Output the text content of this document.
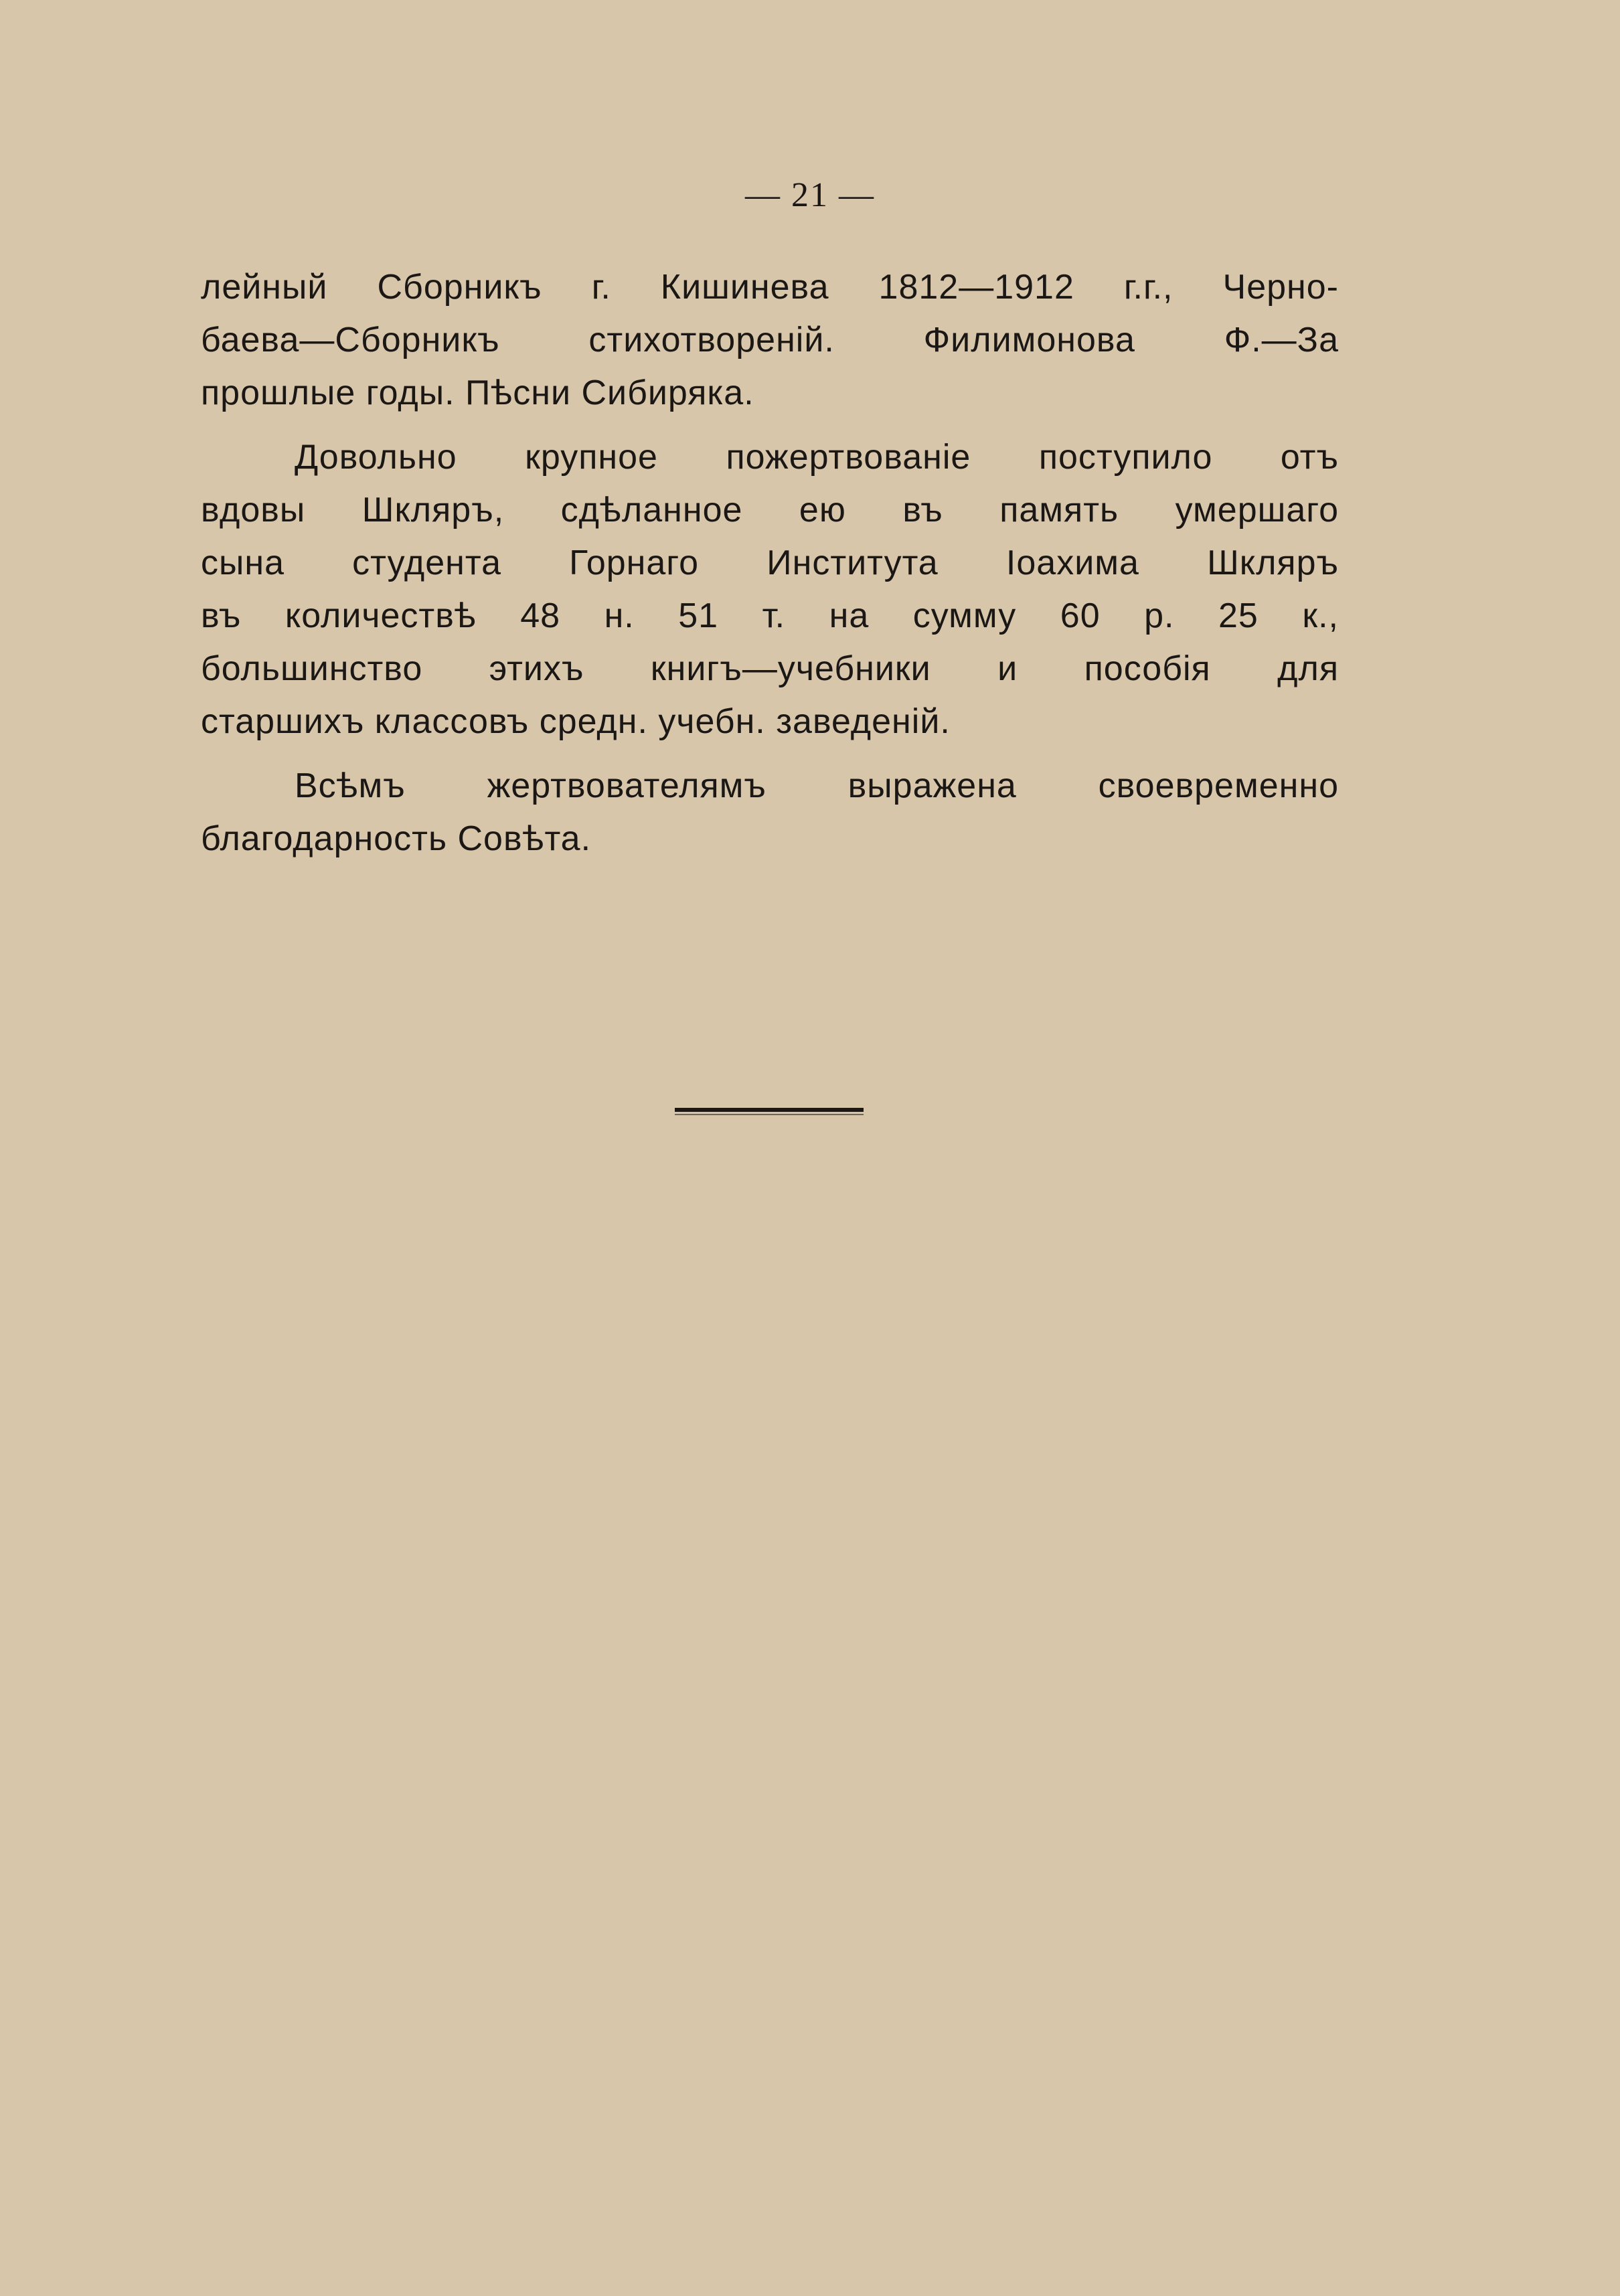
— 21 —
лейный Сборникъ г. Кишинева 1812—1912 г.г., Черно-
баева—Сборникъ стихотвореній. Филимонова Ф.—За
прошлые годы. Пѣсни Сибиряка.
Довольно крупное пожертвованіе поступило отъ
вдовы Шкляръ, сдѣланное ею въ память умершаго
сына студента Горнаго Института Іоахима Шкляръ
въ количествѣ 48 н. 51 т. на сумму 60 р. 25 к.,
большинство этихъ книгъ—учебники и пособія для
старшихъ классовъ средн. учебн. заведеній.
Всѣмъ жертвователямъ выражена своевременно
благодарность Совѣта.
